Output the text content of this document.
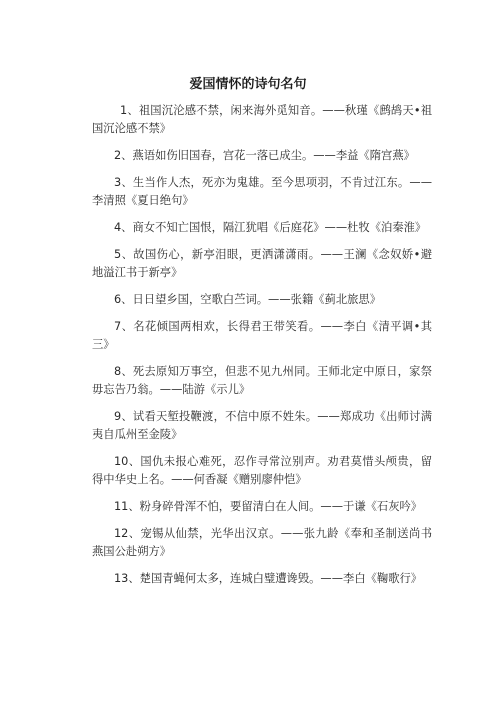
爱国情怀的诗句名句

1、祖国沉沦感不禁，闲来海外觅知音。——秋瑾《鹧鸪天•祖国沉沦感不禁》

2、燕语如伤旧国春，宫花一落已成尘。——李益《隋宫燕》

3、生当作人杰，死亦为鬼雄。至今思项羽，不肯过江东。——李清照《夏日绝句》

4、商女不知亡国恨，隔江犹唱《后庭花》——杜牧《泊秦淮》

5、故国伤心，新亭泪眼，更洒潇潇雨。——王澜《念奴娇•避地溢江书于新亭》

6、日日望乡国，空歌白苎词。——张籍《蓟北旅思》

7、名花倾国两相欢，长得君王带笑看。——李白《清平调•其三》

8、死去原知万事空，但悲不见九州同。王师北定中原日，家祭毋忘告乃翁。——陆游《示儿》

9、试看天堑投鞭渡，不信中原不姓朱。——郑成功《出师讨满夷自瓜州至金陵》

10、国仇未报心难死，忍作寻常泣别声。劝君莫惜头颅贵，留得中华史上名。——何香凝《赠别廖仲恺》

11、粉身碎骨浑不怕，要留清白在人间。——于谦《石灰吟》

12、宠锡从仙禁，光华出汉京。——张九龄《奉和圣制送尚书燕国公赴朔方》

13、楚国青蝇何太多，连城白璧遭谗毁。——李白《鞠歌行》
